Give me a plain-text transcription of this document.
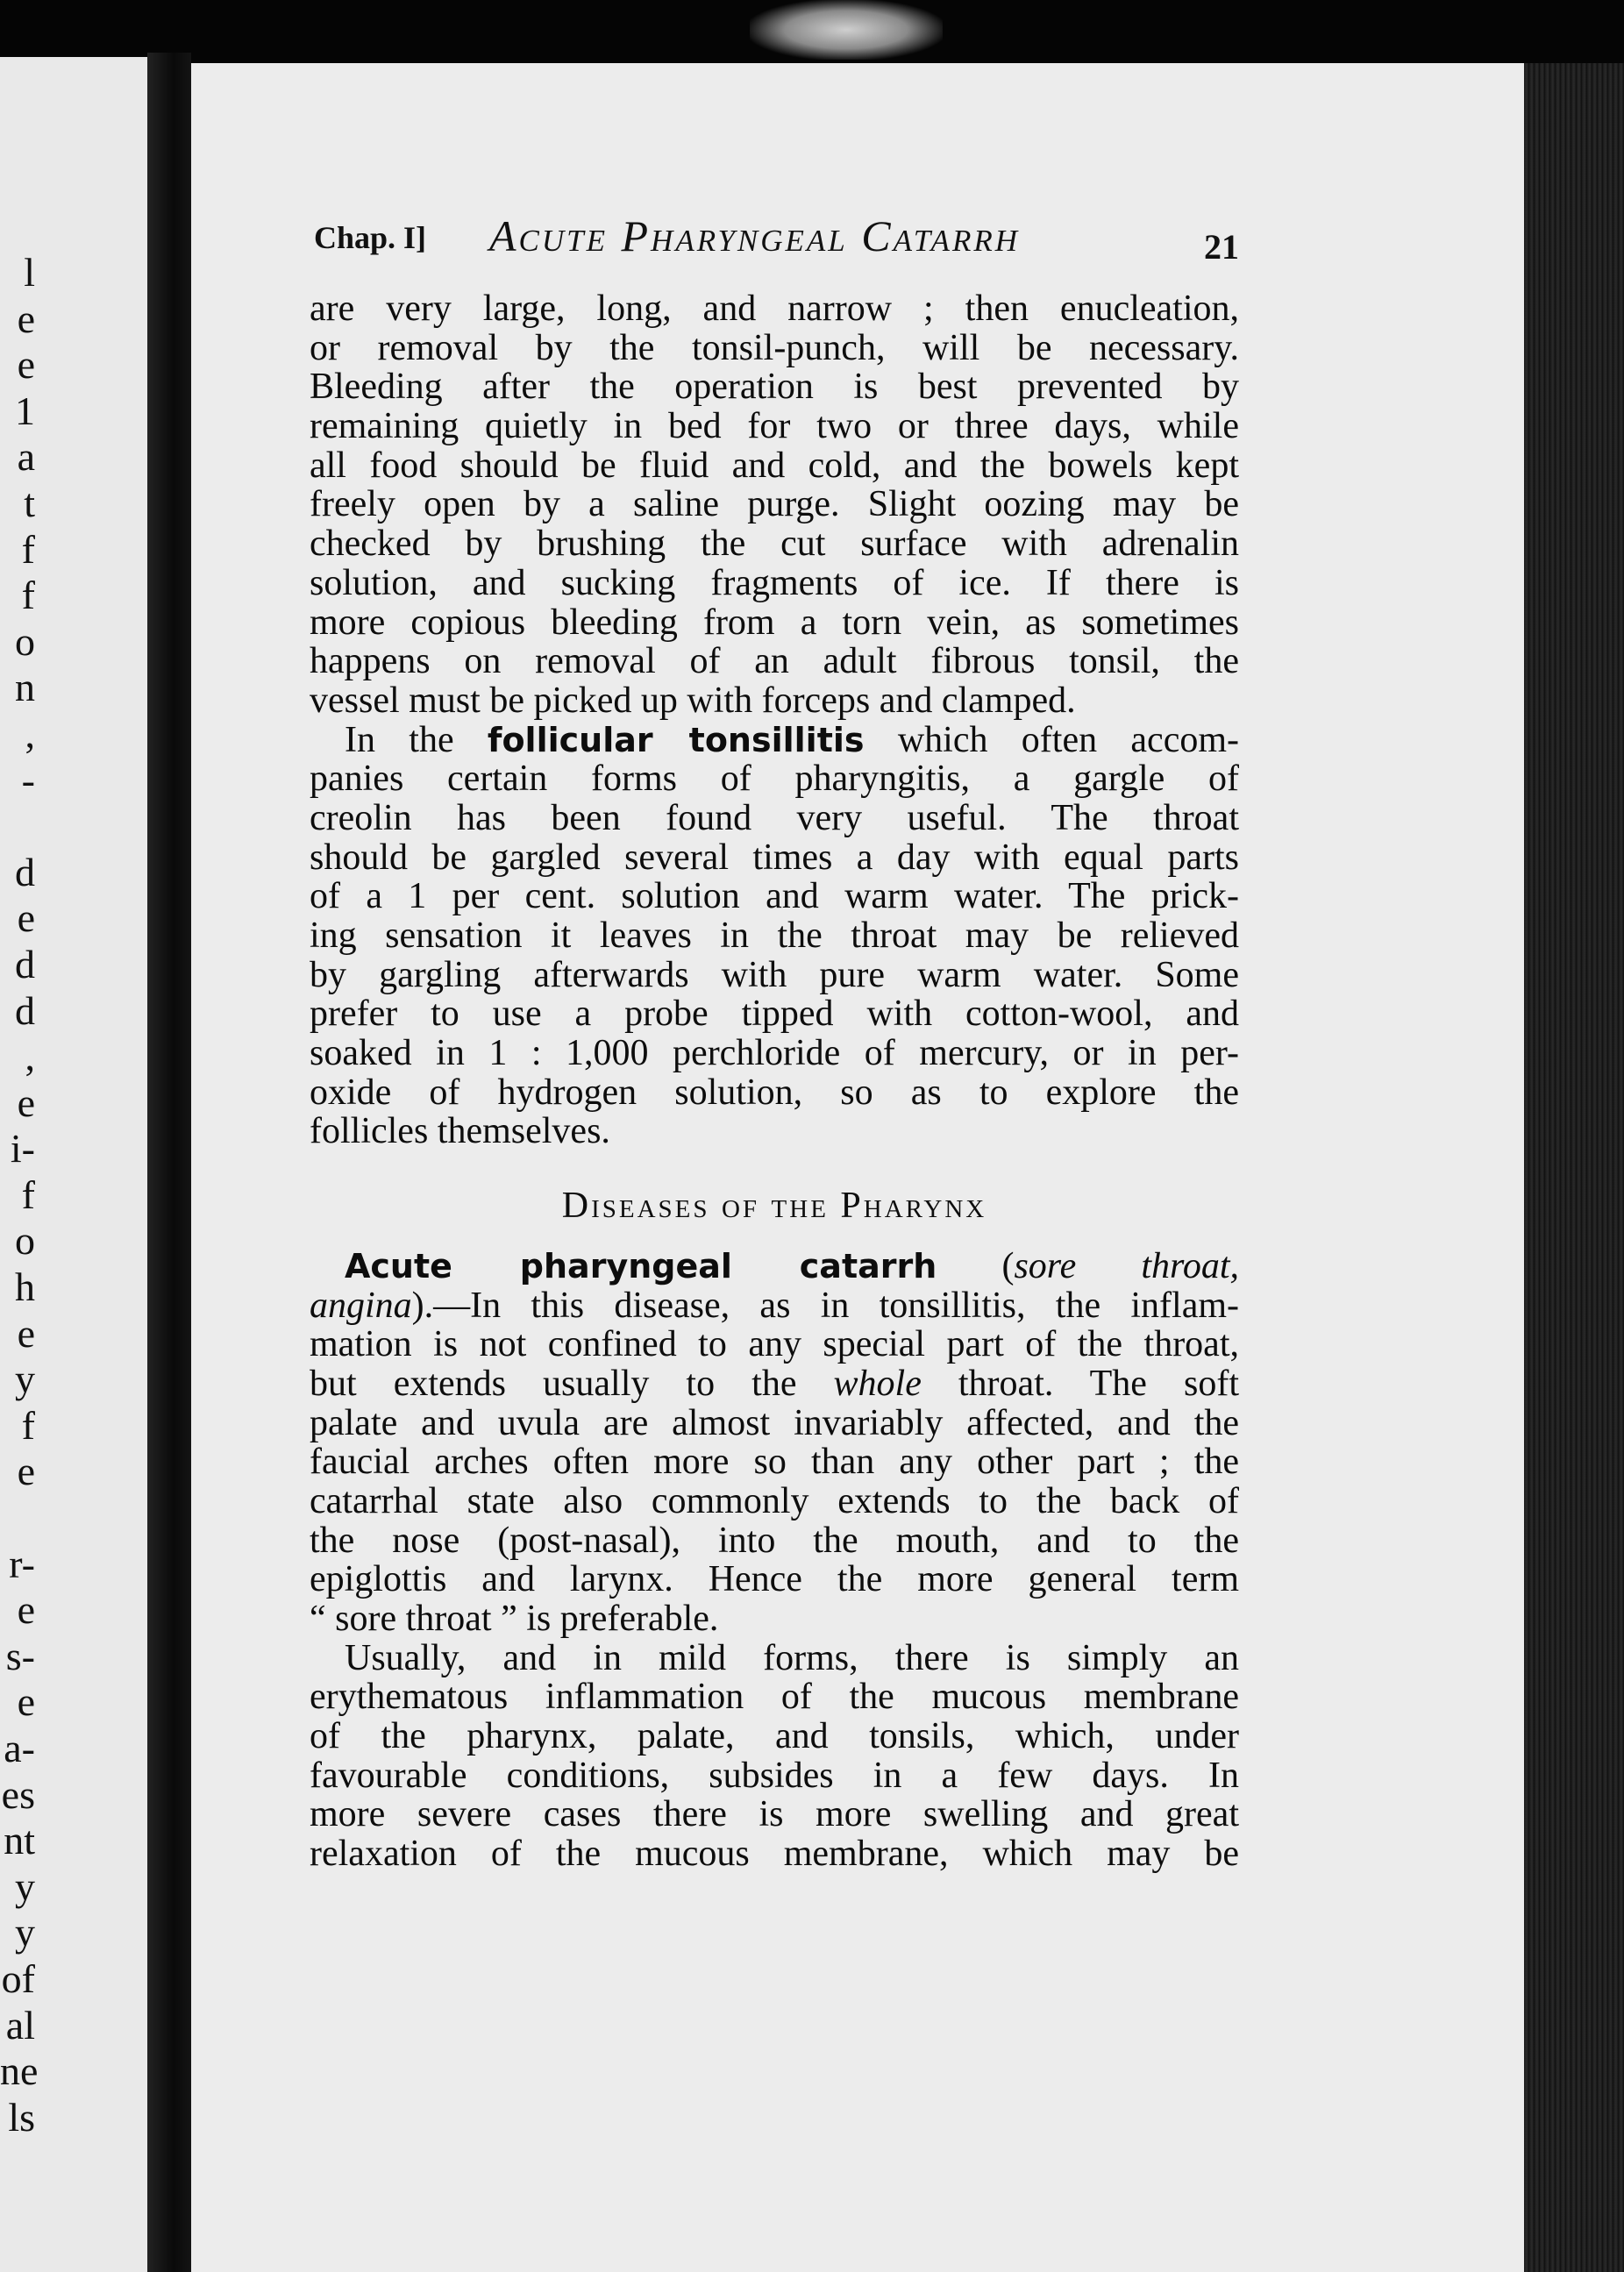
l
e
e
1
a
t
f
f
o
n
,
-
d
e
d
d
,
e
i-
f
o
h
e
y
f
e
r-
e
s-
e
a-
es
nt
y
y
of
al
ne
ls
Chap. I] Acute Pharyngeal Catarrh	21
are very large, long, and narrow ; then enucleation,
or removal by the tonsil-punch, will be necessary.
Bleeding after the operation is best prevented by
remaining quietly in bed for two or three days, while
all food should be fluid and cold, and the bowels kept
freely open by a saline purge. Slight oozing may be
checked by brushing the cut surface with adrenalin
solution, and sucking fragments of ice. If there is
more copious bleeding from a torn vein, as sometimes
happens on removal of an adult fibrous tonsil, the
vessel must be picked up with forceps and clamped.
In the follicular tonsillitis which often accom-
panies certain forms of pharyngitis, a gargle of
creolin has been found very useful. The throat
should be gargled several times a day with equal parts
of a 1 per cent. solution and warm water. The prick-
ing sensation it leaves in the throat may be relieved
by gargling afterwards with pure warm water. Some
prefer to use a probe tipped with cotton-wool, and
soaked in 1 : 1,000 perchloride of mercury, or in per-
oxide of hydrogen solution, so as to explore the
follicles themselves.
Diseases of the Pharynx
Acute pharyngeal catarrh (sore throat,
angina).—In this disease, as in tonsillitis, the inflam-
mation is not confined to any special part of the throat,
but extends usually to the whole throat. The soft
palate and uvula are almost invariably affected, and the
faucial arches often more so than any other part ; the
catarrhal state also commonly extends to the back of
the nose (post-nasal), into the mouth, and to the
epiglottis and larynx. Hence the more general term
“ sore throat ” is preferable.
Usually, and in mild forms, there is simply an
erythematous inflammation of the mucous membrane
of the pharynx, palate, and tonsils, which, under
favourable conditions, subsides in a few days. In
more severe cases there is more swelling and great
relaxation of the mucous membrane, which may be
